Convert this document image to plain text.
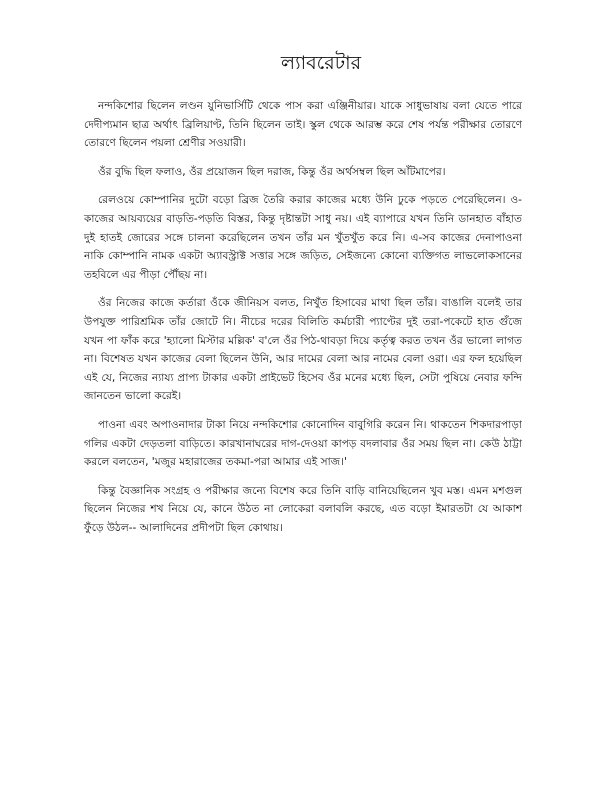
ল্যাবরেটার

নন্দকিশোর ছিলেন লণ্ডন য়ুনিভার্সিটি থেকে পাস করা এঞ্জিনীয়ার। যাকে সাধুভাষায় বলা যেতে পারে দেদীপ্যমান ছাত্র অর্থাৎ ব্রিলিয়াণ্ট, তিনি ছিলেন তাই। স্কুল থেকে আরম্ভ করে শেষ পর্যন্ত পরীক্ষার তোরণে তোরণে ছিলেন পয়লা শ্রেণীর সওয়ারী।

ওঁর বুদ্ধি ছিল ফলাও, ওঁর প্রয়োজন ছিল দরাজ, কিন্তু ওঁর অর্থসম্বল ছিল আঁটমাপের।

রেলওয়ে কোম্পানির দুটো বড়ো ব্রিজ তৈরি করার কাজের মধ্যে উনি ঢুকে পড়তে পেরেছিলেন। ও-কাজের আয়ব্যয়ের বাড়তি-পড়তি বিস্তর, কিন্তু দৃষ্টান্তটা সাধু নয়। এই ব্যাপারে যখন তিনি ডানহাত বাঁহাত দুই হাতই জোরের সঙ্গে চালনা করেছিলেন তখন তাঁর মন খুঁতখুঁত করে নি। এ-সব কাজের দেনাপাওনা নাকি কোম্পানি নামক একটা অ্যাবস্ট্রাক্ট সত্তার সঙ্গে জড়িত, সেইজন্যে কোনো ব্যক্তিগত লাভলোকসানের তহবিলে এর পীড়া পৌঁছয় না।

ওঁর নিজের কাজে কর্তারা ওঁকে জীনিয়স বলত, নিখুঁত হিসাবের মাথা ছিল তাঁর। বাঙালি বলেই তার উপযুক্ত পারিশ্রমিক তাঁর জোটে নি। নীচের দরের বিলিতি কর্মচারী প্যাণ্টের দুই তরা-পকেটে হাত গুঁজে যখন পা ফাঁক করে 'হ্যালো মিস্টার মল্লিক' ব'লে ওঁর পিঠ-থাবড়া দিয়ে কর্তৃত্ব করত তখন ওঁর ভালো লাগত না। বিশেষত যখন কাজের বেলা ছিলেন উনি, আর দামের বেলা আর নামের বেলা ওরা। এর ফল হয়েছিল এই যে, নিজের ন্যায্য প্রাপ্য টাকার একটা প্রাইভেট হিসেব ওঁর মনের মধ্যে ছিল, সেটা পুষিয়ে নেবার ফন্দি জানতেন ভালো করেই।

পাওনা এবং অপাওনাদার টাকা নিয়ে নন্দকিশোর কোনোদিন বাবুগিরি করেন নি। থাকতেন শিকদারপাড়া গলির একটা দেড়তলা বাড়িতে। কারখানাঘরের দাগ-দেওয়া কাপড় বদলাবার ওঁর সময় ছিল না। কেউ ঠাট্টা করলে বলতেন, 'মজুর মহারাজের তকমা-পরা আমার এই সাজ।'

কিন্তু বৈজ্ঞানিক সংগ্রহ ও পরীক্ষার জন্যে বিশেষ করে তিনি বাড়ি বানিয়েছিলেন খুব মস্ত। এমন মশগুল ছিলেন নিজের শখ নিয়ে যে, কানে উঠত না লোকেরা বলাবলি করছে, এত বড়ো ইমারতটা যে আকাশ ফুঁড়ে উঠল-- আলাদিনের প্রদীপটা ছিল কোথায়।
